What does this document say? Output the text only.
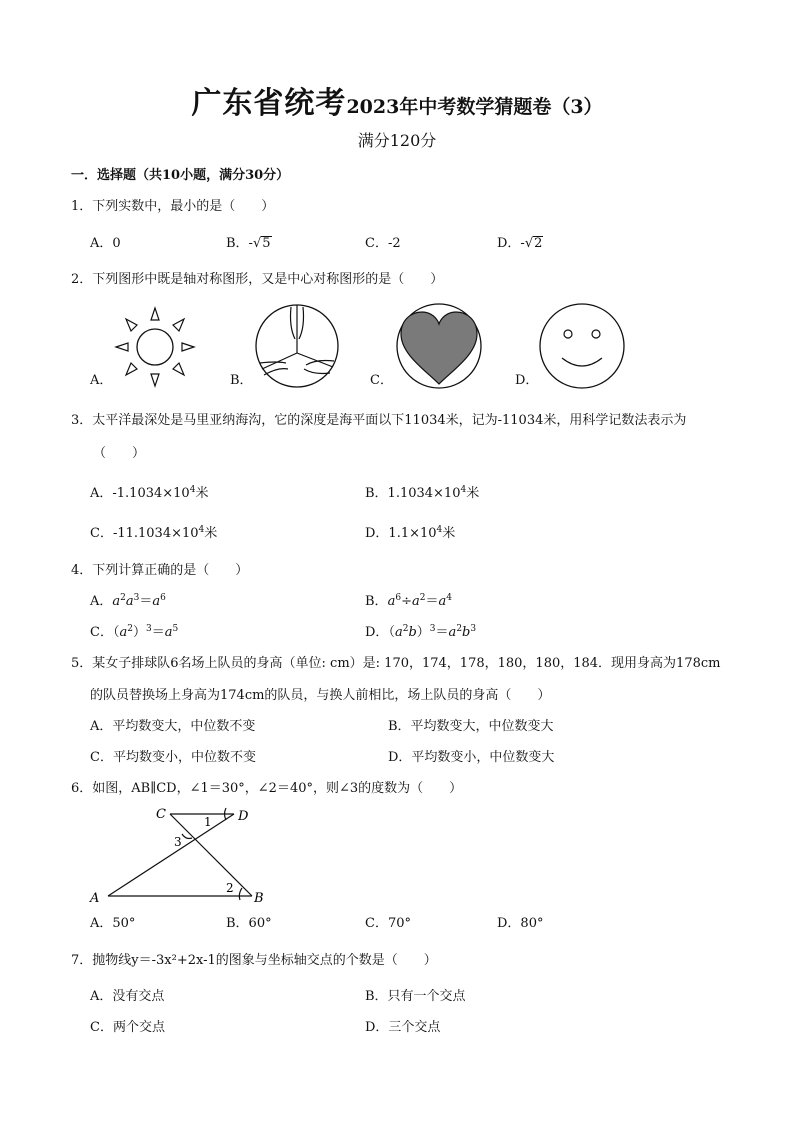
广东省统考2023年中考数学猜题卷（3）
满分120分
一．选择题（共10小题，满分30分）
1．下列实数中，最小的是（　　）
A．0	B．-√5	C．-2	D．-√2
2．下列图形中既是轴对称图形，又是中心对称图形的是（　　）
A．	B．	C．	D．
3．太平洋最深处是马里亚纳海沟，它的深度是海平面以下11034米，记为-11034米，用科学记数法表示为
（　　）
A．$-1.1034\times 10^4$米	B．$1.1034\times 10^4$米
C．$-11.1034\times 10^4$米	D．$1.1\times 10^4$米
4．下列计算正确的是（　　）
A．$a^2a^3=a^6$	B．$a^6\div a^2=a^4$
C．$(a^2)^3=a^5$	D．$(a^2b)^3=a^2b^3$
5．某女子排球队6名场上队员的身高（单位: cm）是: 170，174，178，180，180，184．现用身高为178cm
的队员替换场上身高为174cm的队员，与换人前相比，场上队员的身高（　　）
A．平均数变大，中位数不变	B．平均数变大，中位数变大
C．平均数变小，中位数不变	D．平均数变小，中位数变大
6．如图，AB∥CD，∠1＝30°，∠2＝40°，则∠3的度数为（　　）
C	D
A	B
1
2
3
A．50°	B．60°	C．70°	D．80°
7．抛物线y＝-3x²+2x-1的图象与坐标轴交点的个数是（　　）
A．没有交点	B．只有一个交点
C．两个交点	D．三个交点
